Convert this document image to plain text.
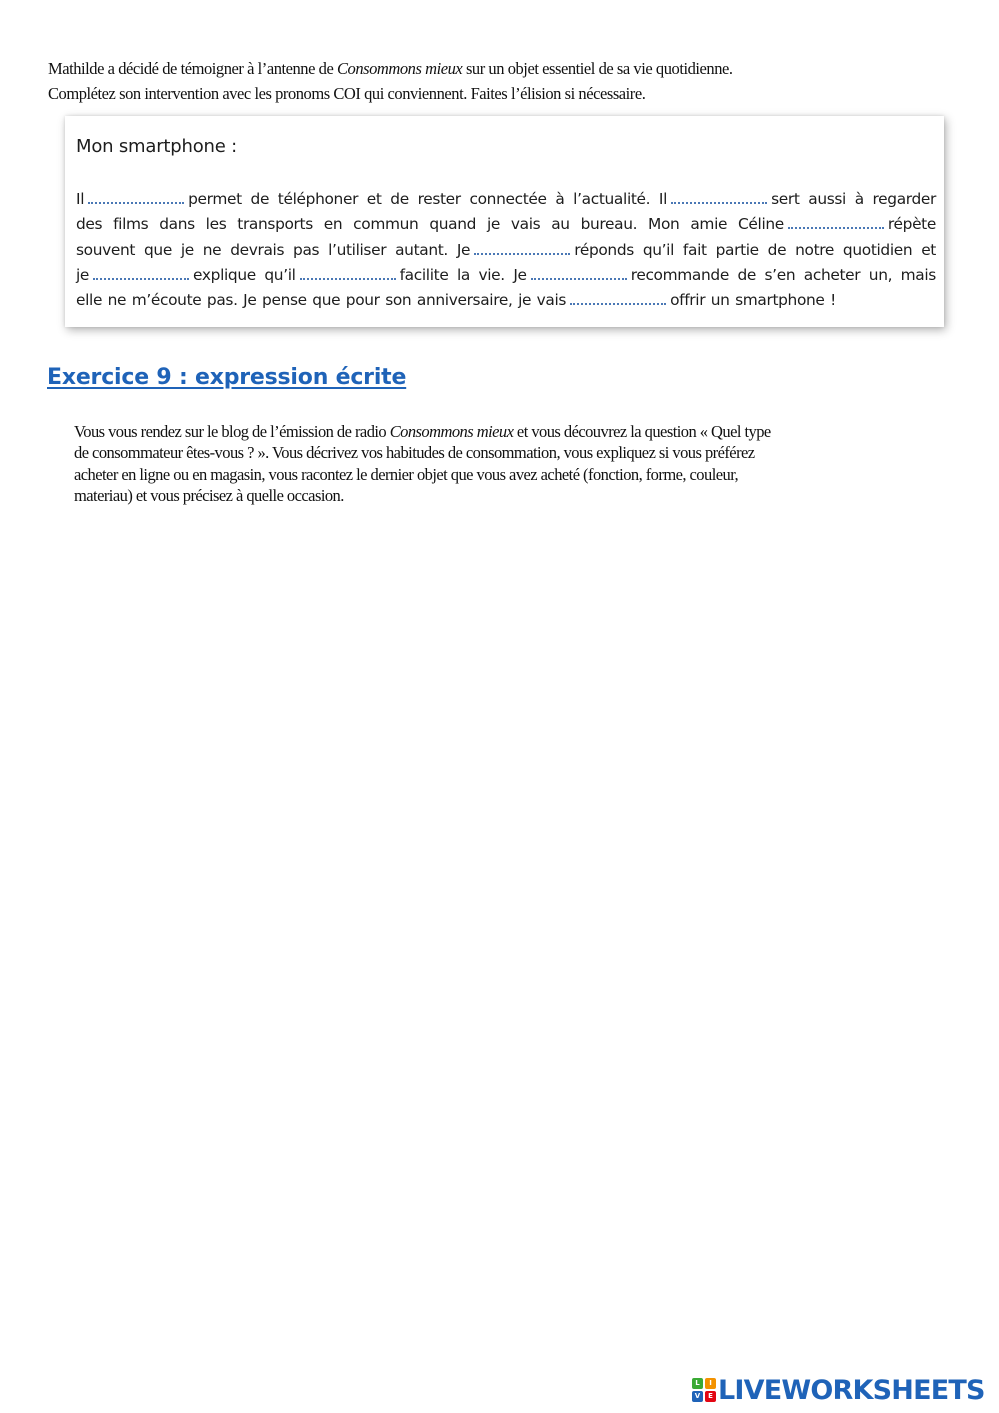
Mathilde a décidé de témoigner à l’antenne de Consommons mieux sur un objet essentiel de sa vie quotidienne.

Complétez son intervention avec les pronoms COI qui conviennent. Faites l’élision si nécessaire.

Mon smartphone :

Il	permet de téléphoner et de rester connectée à l’actualité. Il	sert aussi à regarder

des films dans les transports en commun quand je vais au bureau. Mon amie Céline	répète

souvent que je ne devrais pas l’utiliser autant. Je	réponds qu’il fait partie de notre quotidien et

je	explique qu’il	facilite la vie. Je	recommande de s’en acheter un, mais

elle ne m’écoute pas. Je pense que pour son anniversaire, je vais	offrir un smartphone !

Exercice 9 : expression écrite

Vous vous rendez sur le blog de l’émission de radio Consommons mieux et vous découvrez la question « Quel type

de consommateur êtes-vous ? ». Vous décrivez vos habitudes de consommation, vous expliquez si vous préférez

acheter en ligne ou en magasin, vous racontez le dernier objet que vous avez acheté (fonction, forme, couleur,

materiau) et vous précisez à quelle occasion.

L	I
V	E LIVEWORKSHEETS
